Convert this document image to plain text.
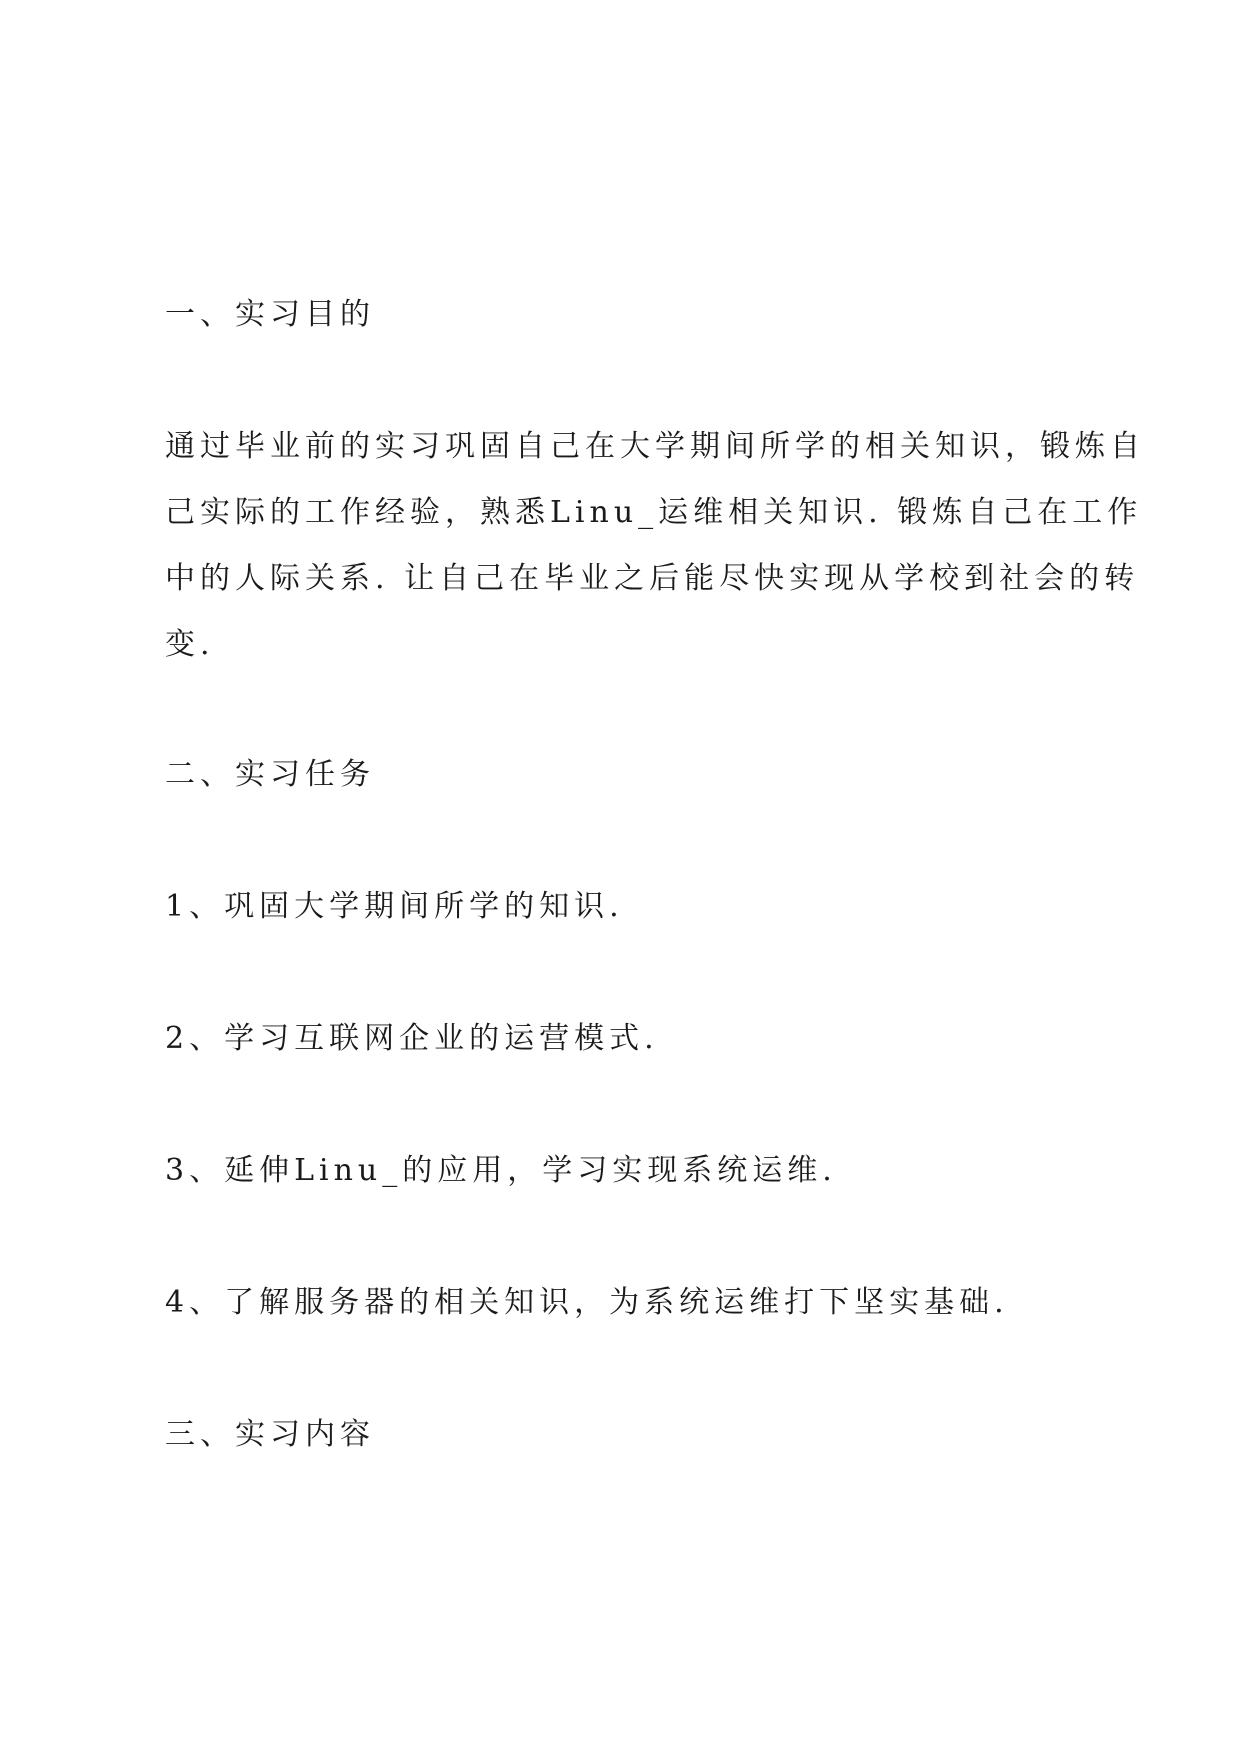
一、实习目的

通过毕业前的实习巩固自己在大学期间所学的相关知识，锻炼自

己实际的工作经验，熟悉Linu_运维相关知识. 锻炼自己在工作

中的人际关系. 让自己在毕业之后能尽快实现从学校到社会的转

变.

二、实习任务

1、巩固大学期间所学的知识.

2、学习互联网企业的运营模式.

3、延伸Linu_的应用，学习实现系统运维.

4、了解服务器的相关知识，为系统运维打下坚实基础.

三、实习内容
